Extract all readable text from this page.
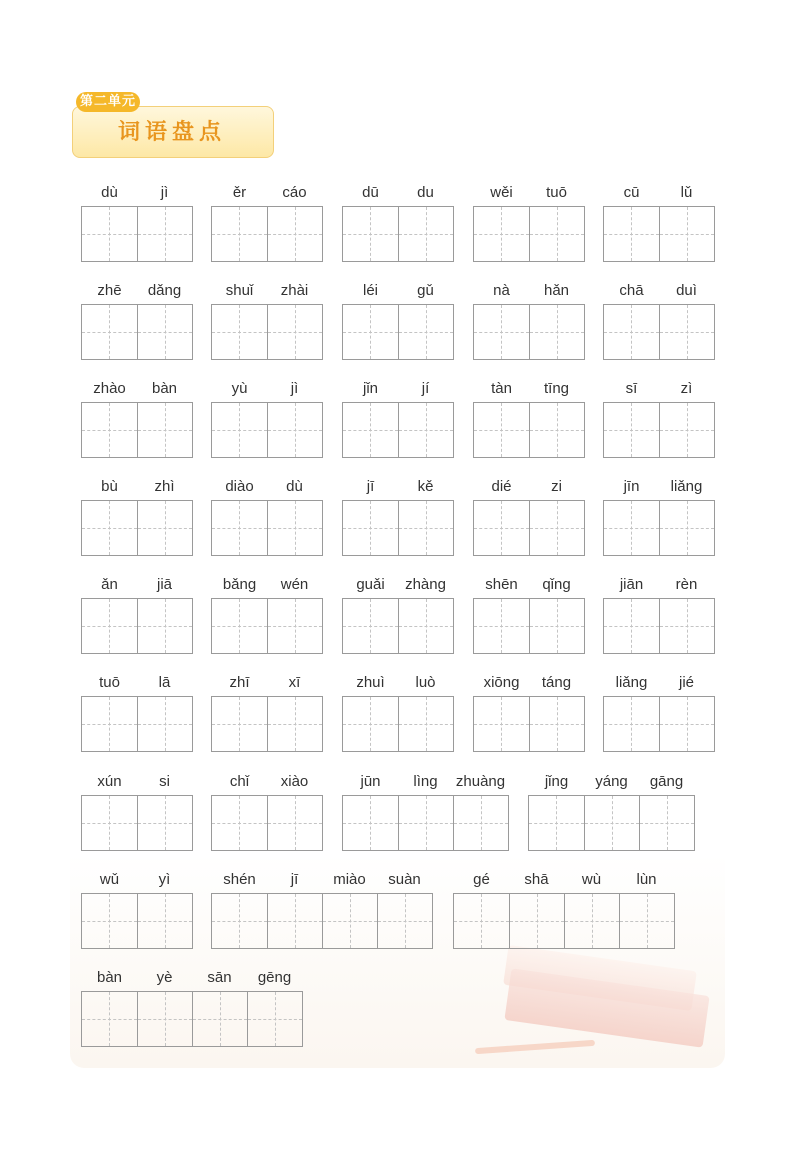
第二单元
词语盘点
dù	jì	ěr	cáo	dū	du	wěi	tuō	cū	lǔ
zhē	dǎng	shuǐ	zhài	léi	gǔ	nà	hǎn	chā	duì
zhào	bàn	yù	jì	jǐn	jí	tàn	tīng	sī	zì
bù	zhì	diào	dù	jī	kě	dié	zi	jīn	liǎng
ǎn	jiā	bǎng	wén	guǎi	zhàng	shēn	qǐng	jiān	rèn
tuō	lā	zhī	xī	zhuì	luò	xiōng	táng	liǎng	jié
xún	si	chǐ	xiào	jūn	lìng	zhuàng	jǐng	yáng	gāng
wǔ	yì	shén	jī	miào	suàn	gé	shā	wù	lùn
bàn	yè	sān	gēng
